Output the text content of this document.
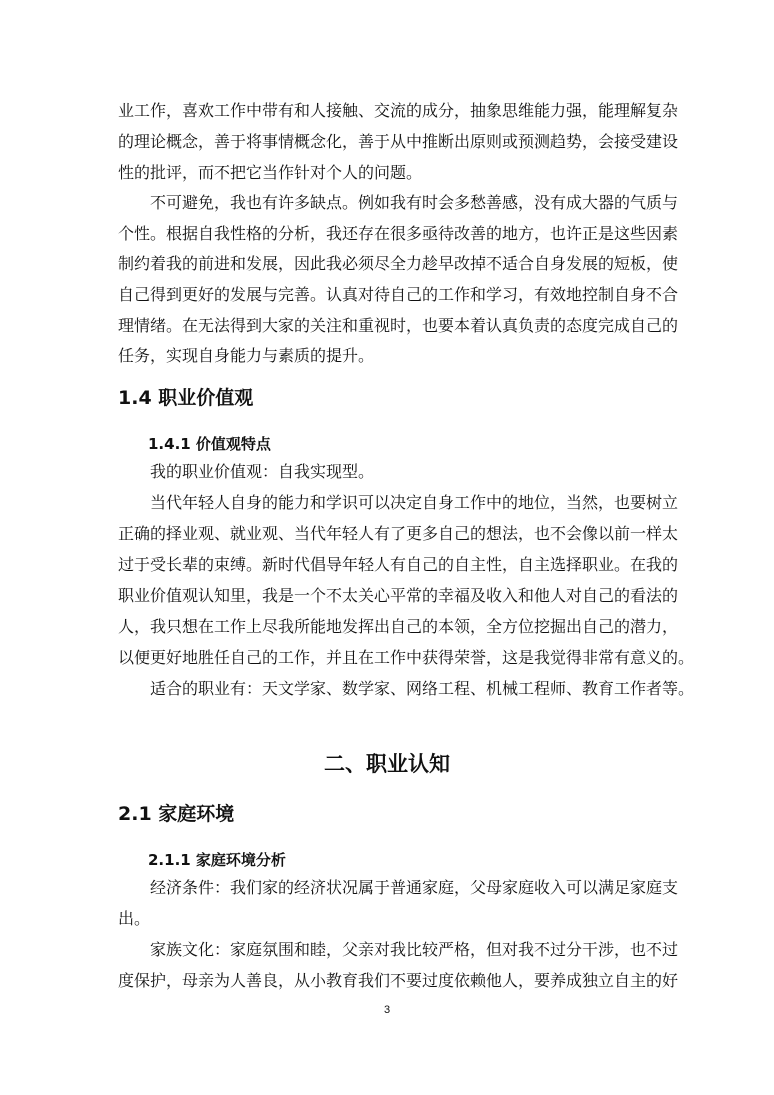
业工作，喜欢工作中带有和人接触、交流的成分，抽象思维能力强，能理解复杂
的理论概念，善于将事情概念化，善于从中推断出原则或预测趋势，会接受建设
性的批评，而不把它当作针对个人的问题。
不可避免，我也有许多缺点。例如我有时会多愁善感，没有成大器的气质与
个性。根据自我性格的分析，我还存在很多亟待改善的地方，也许正是这些因素
制约着我的前进和发展，因此我必须尽全力趁早改掉不适合自身发展的短板，使
自己得到更好的发展与完善。认真对待自己的工作和学习，有效地控制自身不合
理情绪。在无法得到大家的关注和重视时，也要本着认真负责的态度完成自己的
任务，实现自身能力与素质的提升。
1.4 职业价值观
1.4.1 价值观特点
我的职业价值观：自我实现型。
当代年轻人自身的能力和学识可以决定自身工作中的地位，当然，也要树立
正确的择业观、就业观、当代年轻人有了更多自己的想法，也不会像以前一样太
过于受长辈的束缚。新时代倡导年轻人有自己的自主性，自主选择职业。在我的
职业价值观认知里，我是一个不太关心平常的幸福及收入和他人对自己的看法的
人，我只想在工作上尽我所能地发挥出自己的本领，全方位挖掘出自己的潜力，
以便更好地胜任自己的工作，并且在工作中获得荣誉，这是我觉得非常有意义的。
适合的职业有：天文学家、数学家、网络工程、机械工程师、教育工作者等。
二、职业认知
2.1 家庭环境
2.1.1 家庭环境分析
经济条件：我们家的经济状况属于普通家庭，父母家庭收入可以满足家庭支
出。
家族文化：家庭氛围和睦，父亲对我比较严格，但对我不过分干涉，也不过
度保护，母亲为人善良，从小教育我们不要过度依赖他人，要养成独立自主的好
3
